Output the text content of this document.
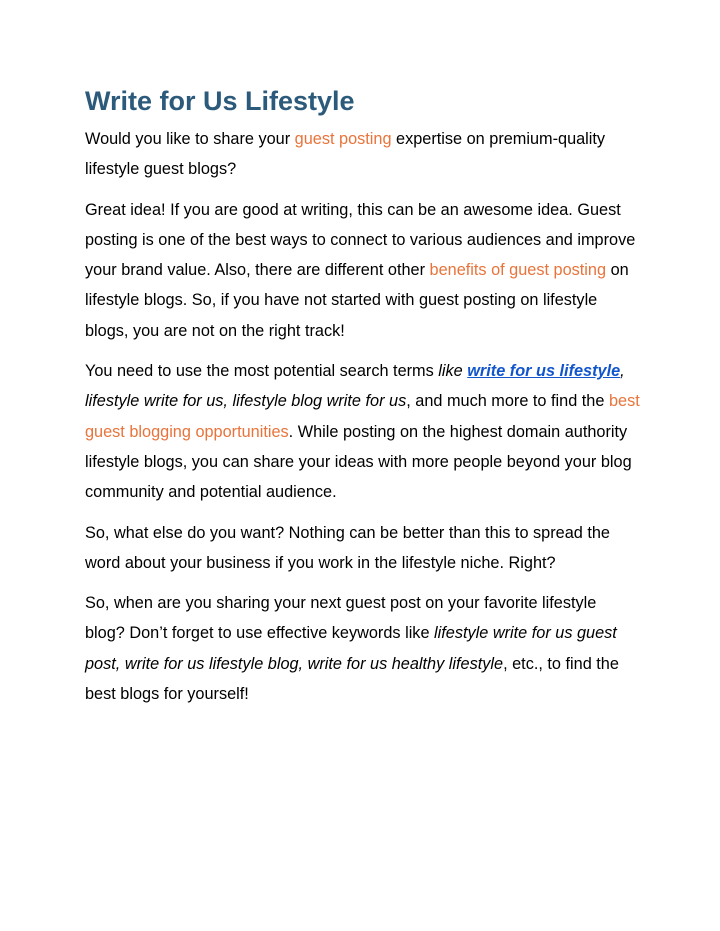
Write for Us Lifestyle

Would you like to share your guest posting expertise on premium-quality lifestyle guest blogs?

Great idea! If you are good at writing, this can be an awesome idea. Guest posting is one of the best ways to connect to various audiences and improve your brand value. Also, there are different other benefits of guest posting on lifestyle blogs. So, if you have not started with guest posting on lifestyle blogs, you are not on the right track!

You need to use the most potential search terms like write for us lifestyle, lifestyle write for us, lifestyle blog write for us, and much more to find the best guest blogging opportunities. While posting on the highest domain authority lifestyle blogs, you can share your ideas with more people beyond your blog community and potential audience.

So, what else do you want? Nothing can be better than this to spread the word about your business if you work in the lifestyle niche. Right?

So, when are you sharing your next guest post on your favorite lifestyle blog? Don’t forget to use effective keywords like lifestyle write for us guest post, write for us lifestyle blog, write for us healthy lifestyle, etc., to find the best blogs for yourself!
